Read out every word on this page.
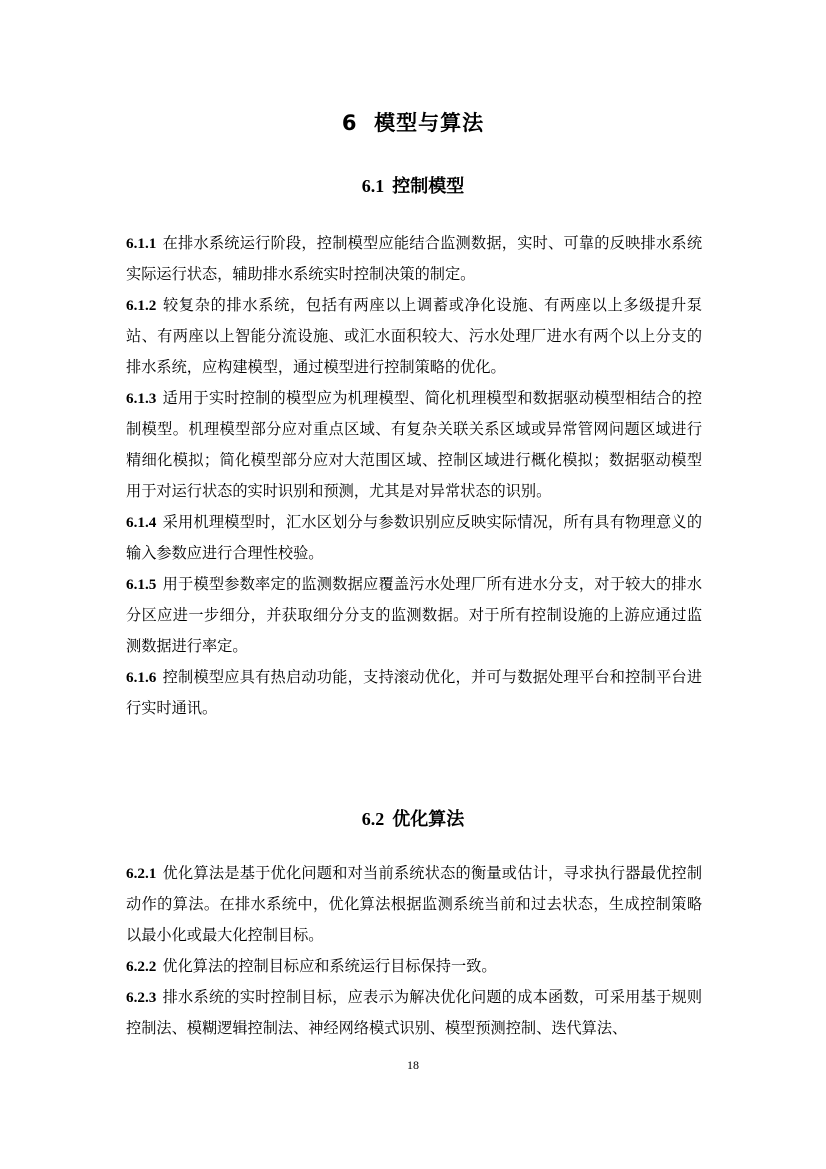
6 模型与算法
6.1 控制模型

6.1.1 在排水系统运行阶段，控制模型应能结合监测数据，实时、可靠的反映排水系统实际运行状态，辅助排水系统实时控制决策的制定。

6.1.2 较复杂的排水系统，包括有两座以上调蓄或净化设施、有两座以上多级提升泵站、有两座以上智能分流设施、或汇水面积较大、污水处理厂进水有两个以上分支的排水系统，应构建模型，通过模型进行控制策略的优化。

6.1.3 适用于实时控制的模型应为机理模型、简化机理模型和数据驱动模型相结合的控制模型。机理模型部分应对重点区域、有复杂关联关系区域或异常管网问题区域进行精细化模拟；简化模型部分应对大范围区域、控制区域进行概化模拟；数据驱动模型用于对运行状态的实时识别和预测，尤其是对异常状态的识别。

6.1.4 采用机理模型时，汇水区划分与参数识别应反映实际情况，所有具有物理意义的输入参数应进行合理性校验。

6.1.5 用于模型参数率定的监测数据应覆盖污水处理厂所有进水分支，对于较大的排水分区应进一步细分，并获取细分分支的监测数据。对于所有控制设施的上游应通过监测数据进行率定。

6.1.6 控制模型应具有热启动功能，支持滚动优化，并可与数据处理平台和控制平台进行实时通讯。

6.2 优化算法

6.2.1 优化算法是基于优化问题和对当前系统状态的衡量或估计，寻求执行器最优控制动作的算法。在排水系统中，优化算法根据监测系统当前和过去状态，生成控制策略以最小化或最大化控制目标。

6.2.2 优化算法的控制目标应和系统运行目标保持一致。

6.2.3 排水系统的实时控制目标，应表示为解决优化问题的成本函数，可采用基于规则控制法、模糊逻辑控制法、神经网络模式识别、模型预测控制、迭代算法、

18
